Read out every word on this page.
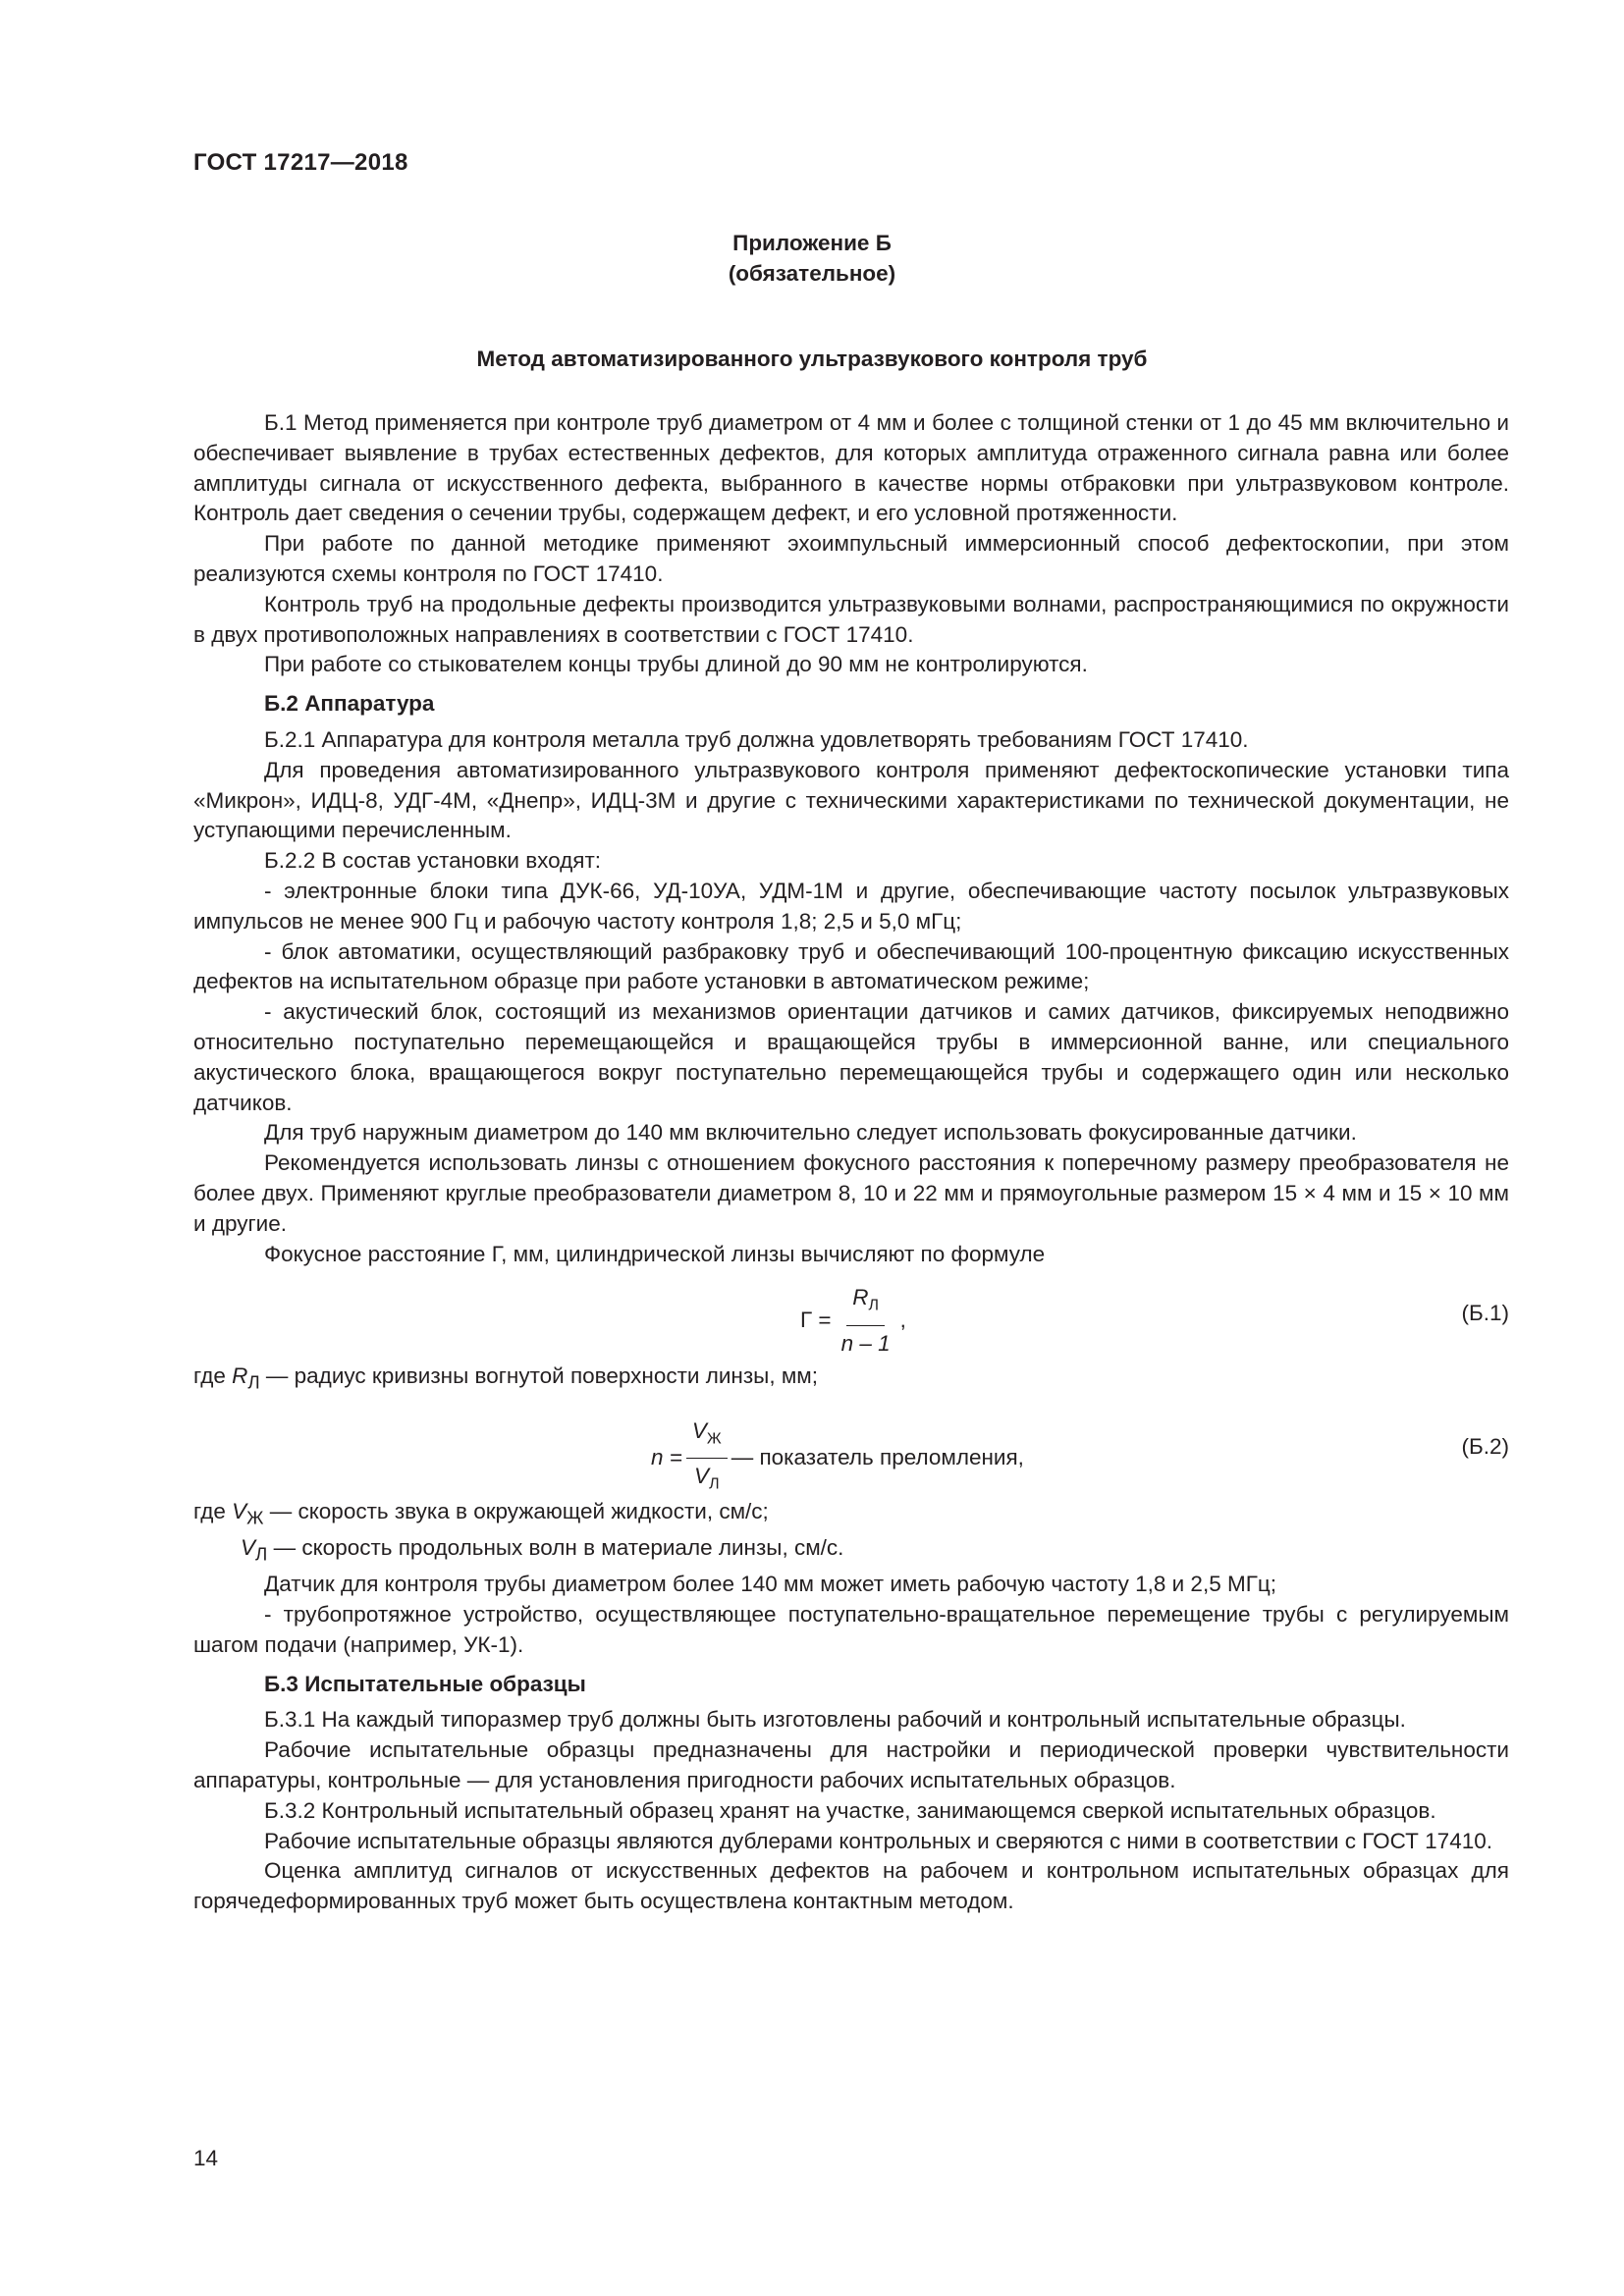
ГОСТ 17217—2018
Приложение Б
(обязательное)
Метод автоматизированного ультразвукового контроля труб

Б.1 Метод применяется при контроле труб диаметром от 4 мм и более с толщиной стенки от 1 до 45 мм включительно и обеспечивает выявление в трубах естественных дефектов, для которых амплитуда отраженного сигнала равна или более амплитуды сигнала от искусственного дефекта, выбранного в качестве нормы отбраковки при ультразвуковом контроле. Контроль дает сведения о сечении трубы, содержащем дефект, и его условной протяженности.

При работе по данной методике применяют эхоимпульсный иммерсионный способ дефектоскопии, при этом реализуются схемы контроля по ГОСТ 17410.

Контроль труб на продольные дефекты производится ультразвуковыми волнами, распространяющимися по окружности в двух противоположных направлениях в соответствии с ГОСТ 17410.

При работе со стыкователем концы трубы длиной до 90 мм не контролируются.

Б.2 Аппаратура

Б.2.1 Аппаратура для контроля металла труб должна удовлетворять требованиям ГОСТ 17410.

Для проведения автоматизированного ультразвукового контроля применяют дефектоскопические установки типа «Микрон», ИДЦ-8, УДГ-4М, «Днепр», ИДЦ-3М и другие с техническими характеристиками по технической документации, не уступающими перечисленным.

Б.2.2 В состав установки входят:

- электронные блоки типа ДУК-66, УД-10УА, УДМ-1М и другие, обеспечивающие частоту посылок ультразвуковых импульсов не менее 900 Гц и рабочую частоту контроля 1,8; 2,5 и 5,0 мГц;

- блок автоматики, осуществляющий разбраковку труб и обеспечивающий 100-процентную фиксацию искусственных дефектов на испытательном образце при работе установки в автоматическом режиме;

- акустический блок, состоящий из механизмов ориентации датчиков и самих датчиков, фиксируемых неподвижно относительно поступательно перемещающейся и вращающейся трубы в иммерсионной ванне, или специального акустического блока, вращающегося вокруг поступательно перемещающейся трубы и содержащего один или несколько датчиков.

Для труб наружным диаметром до 140 мм включительно следует использовать фокусированные датчики.

Рекомендуется использовать линзы с отношением фокусного расстояния к поперечному размеру преобразователя не более двух. Применяют круглые преобразователи диаметром 8, 10 и 22 мм и прямоугольные размером 15 × 4 мм и 15 × 10 мм и другие.

Фокусное расстояние Г, мм, цилиндрической линзы вычисляют по формуле

$Г = \frac{R_Л}{n - 1}$ ,	(Б.1)

где $R_Л$ — радиус кривизны вогнутой поверхности линзы, мм;

$n = \frac{V_Ж}{V_Л}$ — показатель преломления,	(Б.2)

где $V_Ж$ — скорость звука в окружающей жидкости, см/с;

$V_Л$ — скорость продольных волн в материале линзы, см/с.

Датчик для контроля трубы диаметром более 140 мм может иметь рабочую частоту 1,8 и 2,5 МГц;

- трубопротяжное устройство, осуществляющее поступательно-вращательное перемещение трубы с регулируемым шагом подачи (например, УК-1).

Б.3 Испытательные образцы

Б.3.1 На каждый типоразмер труб должны быть изготовлены рабочий и контрольный испытательные образцы.

Рабочие испытательные образцы предназначены для настройки и периодической проверки чувствительности аппаратуры, контрольные — для установления пригодности рабочих испытательных образцов.

Б.3.2 Контрольный испытательный образец хранят на участке, занимающемся сверкой испытательных образцов.

Рабочие испытательные образцы являются дублерами контрольных и сверяются с ними в соответствии с ГОСТ 17410.

Оценка амплитуд сигналов от искусственных дефектов на рабочем и контрольном испытательных образцах для горячедеформированных труб может быть осуществлена контактным методом.

14
